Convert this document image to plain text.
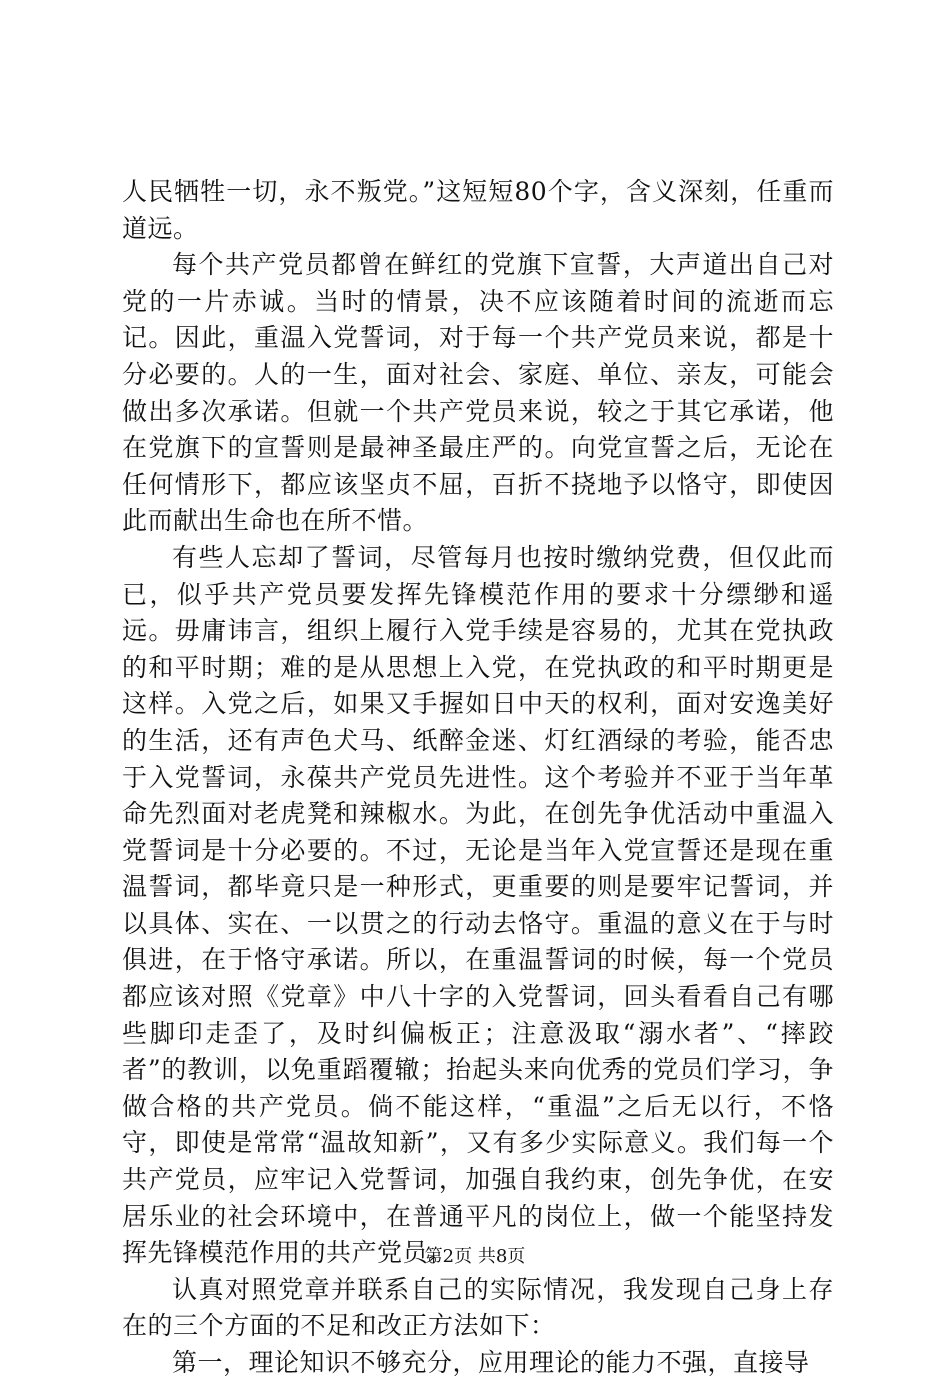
人民牺牲一切，永不叛党。”这短短80个字，含义深刻，任重而道远。

每个共产党员都曾在鲜红的党旗下宣誓，大声道出自己对党的一片赤诚。当时的情景，决不应该随着时间的流逝而忘记。因此，重温入党誓词，对于每一个共产党员来说，都是十分必要的。人的一生，面对社会、家庭、单位、亲友，可能会做出多次承诺。但就一个共产党员来说，较之于其它承诺，他在党旗下的宣誓则是最神圣最庄严的。向党宣誓之后，无论在任何情形下，都应该坚贞不屈，百折不挠地予以恪守，即使因此而献出生命也在所不惜。

有些人忘却了誓词，尽管每月也按时缴纳党费，但仅此而已，似乎共产党员要发挥先锋模范作用的要求十分缥缈和遥远。毋庸讳言，组织上履行入党手续是容易的，尤其在党执政的和平时期；难的是从思想上入党，在党执政的和平时期更是这样。入党之后，如果又手握如日中天的权利，面对安逸美好的生活，还有声色犬马、纸醉金迷、灯红酒绿的考验，能否忠于入党誓词，永葆共产党员先进性。这个考验并不亚于当年革命先烈面对老虎凳和辣椒水。为此，在创先争优活动中重温入党誓词是十分必要的。不过，无论是当年入党宣誓还是现在重温誓词，都毕竟只是一种形式，更重要的则是要牢记誓词，并以具体、实在、一以贯之的行动去恪守。重温的意义在于与时俱进，在于恪守承诺。所以，在重温誓词的时候，每一个党员都应该对照《党章》中八十字的入党誓词，回头看看自己有哪些脚印走歪了，及时纠偏板正；注意汲取“溺水者”、“摔跤者”的教训，以免重蹈覆辙；抬起头来向优秀的党员们学习，争做合格的共产党员。倘不能这样，“重温”之后无以行，不恪守，即使是常常“温故知新”，又有多少实际意义。我们每一个共产党员，应牢记入党誓词，加强自我约束，创先争优，在安居乐业的社会环境中，在普通平凡的岗位上，做一个能坚持发挥先锋模范作用的共产党员。

认真对照党章并联系自己的实际情况，我发现自己身上存在的三个方面的不足和改正方法如下：

第一，理论知识不够充分，应用理论的能力不强，直接导

第2页 共8页
